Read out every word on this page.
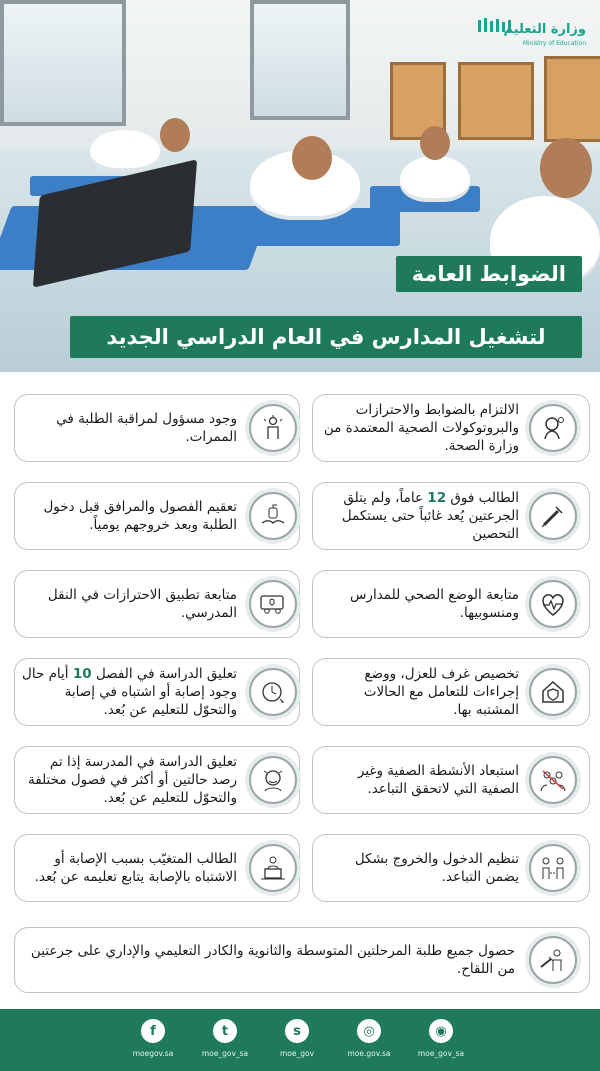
وزارة التعليم
Ministry of Education
الضوابط العامة
لتشغيل المدارس في العام الدراسي الجديد
الالتزام بالضوابط والاحترازات والبروتوكولات الصحية المعتمدة من وزارة الصحة.
الطالب فوق 12 عاماً، ولم يتلق الجرعتين يُعد غائباً حتى يستكمل التحصين
متابعة الوضع الصحي للمدارس ومنسوبيها.
تخصيص غرف للعزل، ووضع إجراءات للتعامل مع الحالات المشتبه بها.
استبعاد الأنشطة الصفية وغير الصفية التي لاتحقق التباعد.
تنظيم الدخول والخروج بشكل يضمن التباعد.
وجود مسؤول لمراقبة الطلبة في الممرات.
تعقيم الفصول والمرافق قبل دخول الطلبة وبعد خروجهم يومياً.
متابعة تطبيق الاحترازات في النقل المدرسي.
تعليق الدراسة في الفصل 10 أيام حال وجود إصابة أو اشتباه في إصابة والتحوّل للتعليم عن بُعد.
تعليق الدراسة في المدرسة إذا تم رصد حالتين أو أكثر في فصول مختلفة والتحوّل للتعليم عن بُعد.
الطالب المتغيّب بسبب الإصابة أو الاشتباه بالإصابة يتابع تعليمه عن بُعد.
حصول جميع طلبة المرحلتين المتوسطة والثانوية والكادر التعليمي والإداري على جرعتين من اللقاح.
f
moegov.sa
t
moe_gov_sa
s
moe_gov
◎
moe.gov.sa
◉
moe_gov_sa
